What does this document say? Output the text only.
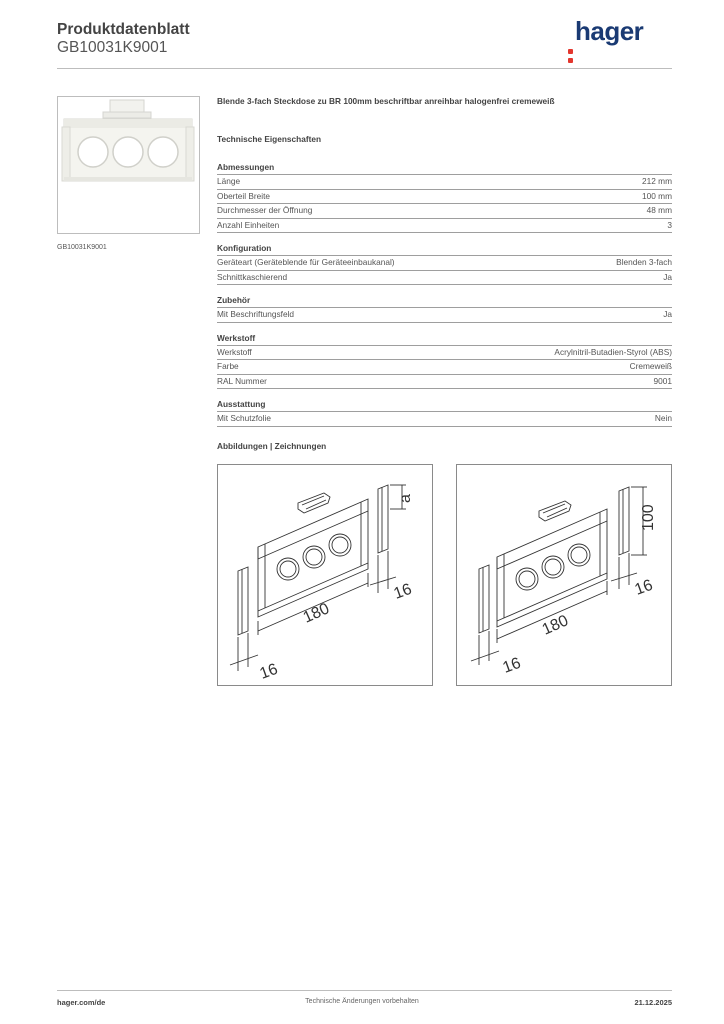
Produktdatenblatt
GB10031K9001
hager
GB10031K9001
Blende 3-fach Steckdose zu BR 100mm beschriftbar anreihbar halogenfrei cremeweiß
Technische Eigenschaften
Abmessungen
Länge	212 mm
Oberteil Breite	100 mm
Durchmesser der Öffnung	48 mm
Anzahl Einheiten	3
Konfiguration
Geräteart (Geräteblende für Geräteeinbaukanal)	Blenden 3-fach
Schnittkaschierend	Ja
Zubehör
Mit Beschriftungsfeld	Ja
Werkstoff
Werkstoff	Acrylnitril-Butadien-Styrol (ABS)
Farbe	Cremeweiß
RAL Nummer	9001
Ausstattung
Mit Schutzfolie	Nein
Abbildungen | Zeichnungen
a
16
180
16
100
16
180
16
hager.com/de	Technische Änderungen vorbehalten	21.12.2025
